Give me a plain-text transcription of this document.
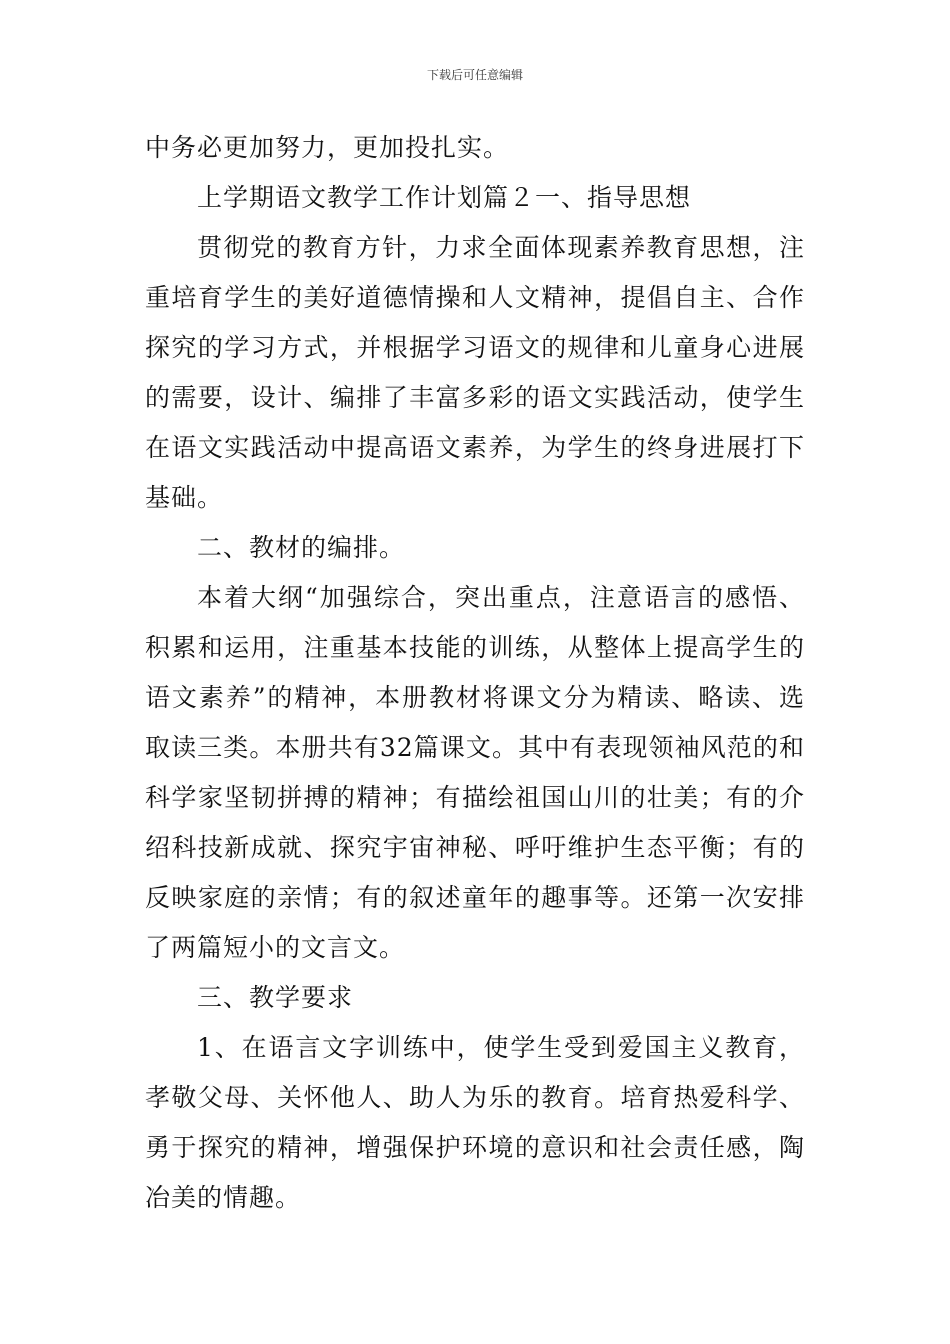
下载后可任意编辑

中务必更加努力，更加投扎实。

上学期语文教学工作计划篇２一、指导思想

贯彻党的教育方针，力求全面体现素养教育思想，注重培育学生的美好道德情操和人文精神，提倡自主、合作探究的学习方式，并根据学习语文的规律和儿童身心进展的需要，设计、编排了丰富多彩的语文实践活动，使学生在语文实践活动中提高语文素养，为学生的终身进展打下基础。

二、教材的编排。

本着大纲“加强综合，突出重点，注意语言的感悟、积累和运用，注重基本技能的训练，从整体上提高学生的语文素养”的精神，本册教材将课文分为精读、略读、选取读三类。本册共有32篇课文。其中有表现领袖风范的和科学家坚韧拼搏的精神；有描绘祖国山川的壮美；有的介绍科技新成就、探究宇宙神秘、呼吁维护生态平衡；有的反映家庭的亲情；有的叙述童年的趣事等。还第一次安排了两篇短小的文言文。

三、教学要求

1、在语言文字训练中，使学生受到爱国主义教育，孝敬父母、关怀他人、助人为乐的教育。培育热爱科学、勇于探究的精神，增强保护环境的意识和社会责任感，陶冶美的情趣。
